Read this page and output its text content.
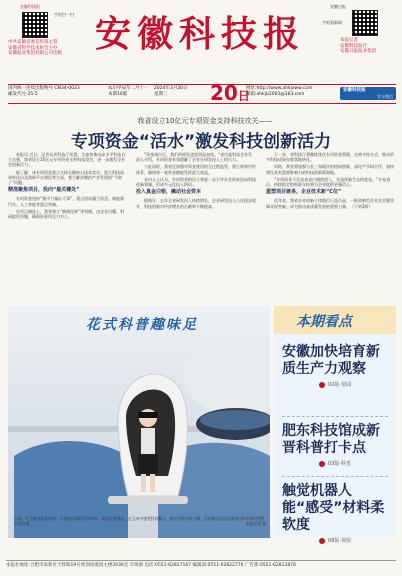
安徽科技报
手机扫一扫
中共安徽省委宣传部主管
安徽省科学技术协会主办
安徽报业集团有限公司出版 安徽科技报
安徽日报
手机看新闻
本报记者
安徽科技报社
安徽日报报业集团
国内统一连续出版物号 CN34-0023
邮发代号:25-5
农历甲辰年二月十一
本期16版
2024年3月20日
星期三	20日
网址:http://www.ahkjxww.com
邮箱:ahkjb2003@163.com
安徽科技报
官方微信
我省设立10亿元专项资金支持科技攻关——
专项资金“活水”激发科技创新活力

本报讯 近日，记者从省科技厅获悉，为加快推动高水平科技自立自强，我省设立10亿元专项资金支持科技攻关，进一步激发全社会创新活力。

据了解，该专项资金重点支持关键核心技术攻关、重大科技成果转化以及创新平台建设等方面，着力解决制约产业发展的“卡脖子”问题。

精准聚焦项目，投向“最关键处”

专项资金坚持“集中力量办大事”，重点投向量子信息、新能源汽车、人工智能等重点领域。

在项目遴选上，我省建立“揭榜挂帅”等机制，由企业出题、科研院所答题，确保资金用在刀刃上。

“资金到位后，我们的研发进度明显加快。”省内某科技企业负责人介绍，专项资金有效缓解了企业在研发投入上的压力。

与此同时，我省还加强对资金使用的全过程监管，建立绩效评价体系，确保每一笔资金都能发挥最大效益。

业内人士认为，专项资金的设立将进一步引导社会资本投向科技创新领域，形成多元化投入格局。

投入真金白银，撬动社会资本

据统计，去年全省研发投入持续增长，企业研发投入占比稳步提升，科技创新对经济增长的贡献率不断提高。

下一步，省科技厅将继续优化专项资金管理，完善支持方式，推动更多科技成果在皖落地转化。

同时，我省将加强与长三角地区的协同创新，深化产学研合作，加快建设具有重要影响力的科技创新策源地。

“专项资金不仅是真金白银的投入，更是创新生态的优化。”专家表示，持续稳定的财政支持将为企业提供更强信心。

重塑项目链条，企业技术新“C位”

近年来，我省企业创新主体地位日益凸显，一批创新型企业在关键领域实现突破，成为推动高质量发展的重要力量。（下转2版）

花式科普趣味足
日前，在合肥某科技馆内，小朋友们体验科学实验、观看科普展品，在互动中感受科技魅力，激发对科学的兴趣。活动通过沉浸式体验让科学知识变得生动有趣。	本报记者 摄
本期看点
安徽加快培育新质生产力观察
02版·要闻
肥东科技馆成新晋科普打卡点
03版·科普
触觉机器人能“感受”材料柔软度
06版·视窗
本报社地址:合肥市高新区天智路19号原创动漫园主楼3036室 市场部 电话:0551-62827167 编辑部:0551-62822776 广告部:0551-62812876
